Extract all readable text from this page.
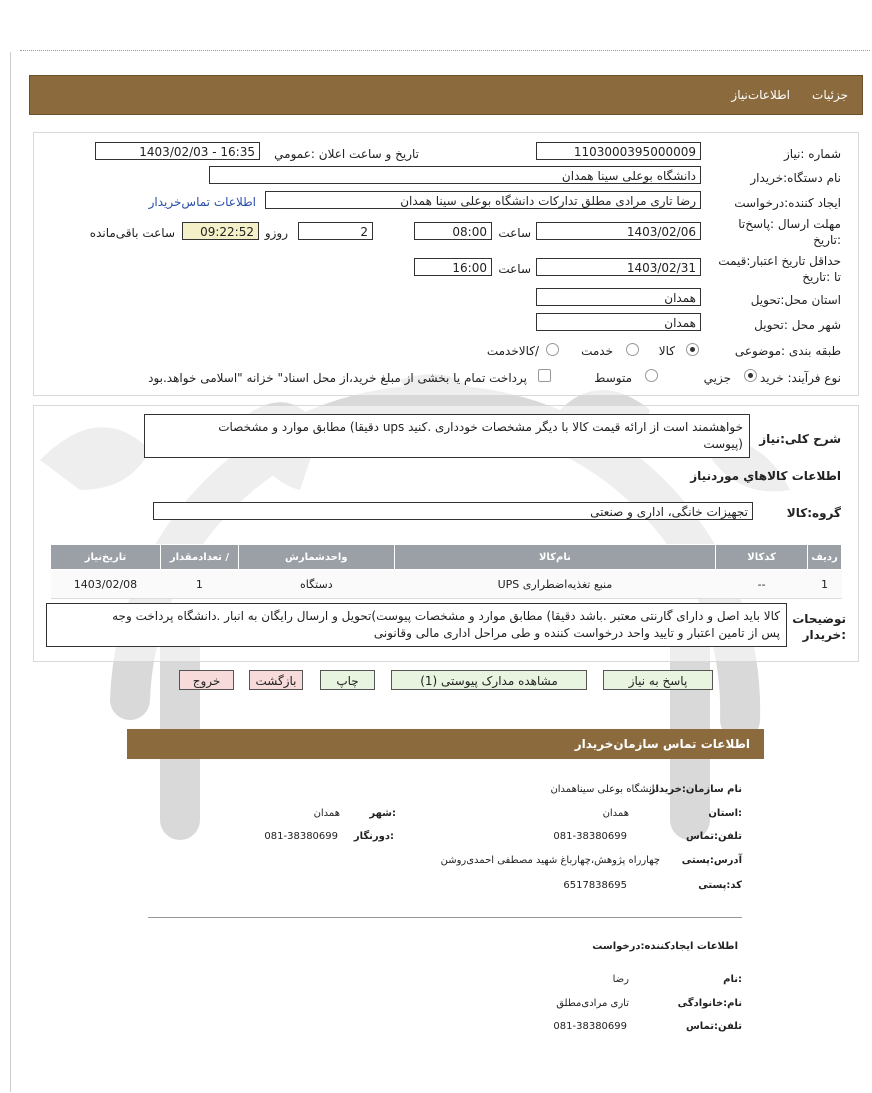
جزئیات
اطلاعات‌نیاز
شماره :نیاز
1103000395000009
تاریخ و ساعت اعلان :عمومي
1403/02/03 - 16:35
نام دستگاه:خریدار
دانشگاه بوعلی سینا همدان
ایجاد کننده:درخواست
رضا تاری مرادی مطلق تدارکات دانشگاه بوعلی سینا همدان
اطلاعات تماس‌خریدار
مهلت ارسال :پاسخ‌تا
:تاریخ
1403/02/06
ساعت
08:00
2
روزو
09:22:52
ساعت باقی‌مانده
حداقل تاریخ اعتبار:قیمت
تا :تاریخ
1403/02/31
ساعت
16:00
استان محل:تحویل
همدان
شهر محل :تحویل
همدان
طبقه بندی :موضوعی
کالا
خدمت
/کالاخدمت
نوع فرآیند: خرید
جزیي
متوسط
پرداخت تمام یا بخشی از مبلغ خرید،از محل اسناد" خزانه "اسلامی خواهد.بود
شرح کلی:نیاز
خواهشمند است از ارائه قیمت کالا با دیگر مشخصات خودداری .کنید ups دقیقا) مطابق موارد و مشخصات
(پیوست
اطلاعات کالاهاي موردنیاز
گروه:کالا
تجهیزات خانگی، اداری و صنعتی
ردیف	کدکالا	نام‌کالا	واحدشمارش	/ تعدادمقدار	تاریخ‌نیاز
1	--	منبع تغذیه‌اضطراری UPS	دستگاه	1	1403/02/08
توضیحات
:خریدار
کالا باید اصل و دارای گارنتی معتبر .باشد دقیقا) مطابق موارد و مشخصات پیوست)تحویل و ارسال رایگان به انبار .دانشگاه پرداخت وجه
پس از تامین اعتبار و تایید واحد درخواست کننده و طی مراحل اداری مالی وقانونی
پاسخ به نیاز
مشاهده مدارک پیوستی (1)
چاپ
بازگشت
خروج
اطلاعات تماس سازمان‌خریدار
نام سازمان:خریدار
دانشگاه بوعلی سیناهمدان
:استان
همدان
:شهر
همدان
تلفن:تماس
081-38380699
:دورنگار
081-38380699
آدرس:پستی
چهارراه پژوهش،چهارباغ شهید مصطفی احمدی‌روشن
کد:پستی
6517838695
اطلاعات ایجادکننده:درخواست
:نام
رضا
نام:خانوادگی
تاری مرادی‌مطلق
تلفن:تماس
081-38380699
